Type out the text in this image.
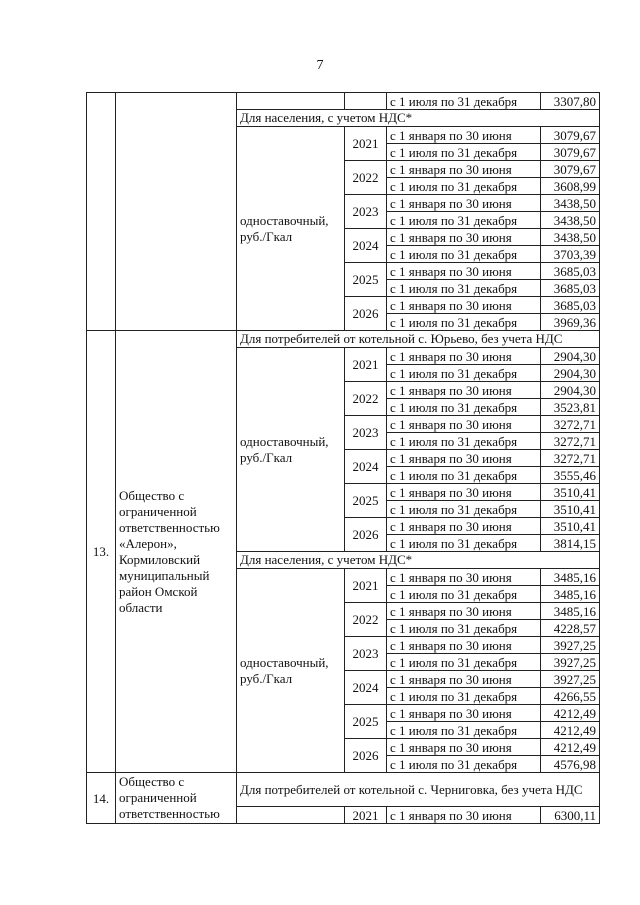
7
				с 1 июля по 31 декабря	3307,80
		Для населения, с учетом НДС*			
		одноставочный, руб./Гкал	2021	с 1 января по 30 июня	3079,67
				с 1 июля по 31 декабря	3079,67
			2022	с 1 января по 30 июня	3079,67
				с 1 июля по 31 декабря	3608,99
			2023	с 1 января по 30 июня	3438,50
				с 1 июля по 31 декабря	3438,50
			2024	с 1 января по 30 июня	3438,50
				с 1 июля по 31 декабря	3703,39
			2025	с 1 января по 30 июня	3685,03
				с 1 июля по 31 декабря	3685,03
			2026	с 1 января по 30 июня	3685,03
				с 1 июля по 31 декабря	3969,36
13.	Общество с ограниченной ответственностью «Алерон», Кормиловский муниципальный район Омской области	Для потребителей от котельной с. Юрьево, без учета НДС			
		одноставочный, руб./Гкал	2021	с 1 января по 30 июня	2904,30
				с 1 июля по 31 декабря	2904,30
			2022	с 1 января по 30 июня	2904,30
				с 1 июля по 31 декабря	3523,81
			2023	с 1 января по 30 июня	3272,71
				с 1 июля по 31 декабря	3272,71
			2024	с 1 января по 30 июня	3272,71
				с 1 июля по 31 декабря	3555,46
			2025	с 1 января по 30 июня	3510,41
				с 1 июля по 31 декабря	3510,41
			2026	с 1 января по 30 июня	3510,41
				с 1 июля по 31 декабря	3814,15
		Для населения, с учетом НДС*			
		одноставочный, руб./Гкал	2021	с 1 января по 30 июня	3485,16
				с 1 июля по 31 декабря	3485,16
			2022	с 1 января по 30 июня	3485,16
				с 1 июля по 31 декабря	4228,57
			2023	с 1 января по 30 июня	3927,25
				с 1 июля по 31 декабря	3927,25
			2024	с 1 января по 30 июня	3927,25
				с 1 июля по 31 декабря	4266,55
			2025	с 1 января по 30 июня	4212,49
				с 1 июля по 31 декабря	4212,49
			2026	с 1 января по 30 июня	4212,49
				с 1 июля по 31 декабря	4576,98
14.	Общество с ограниченной ответственностью	Для потребителей от котельной с. Черниговка, без учета НДС			
			2021	с 1 января по 30 июня	6300,11
